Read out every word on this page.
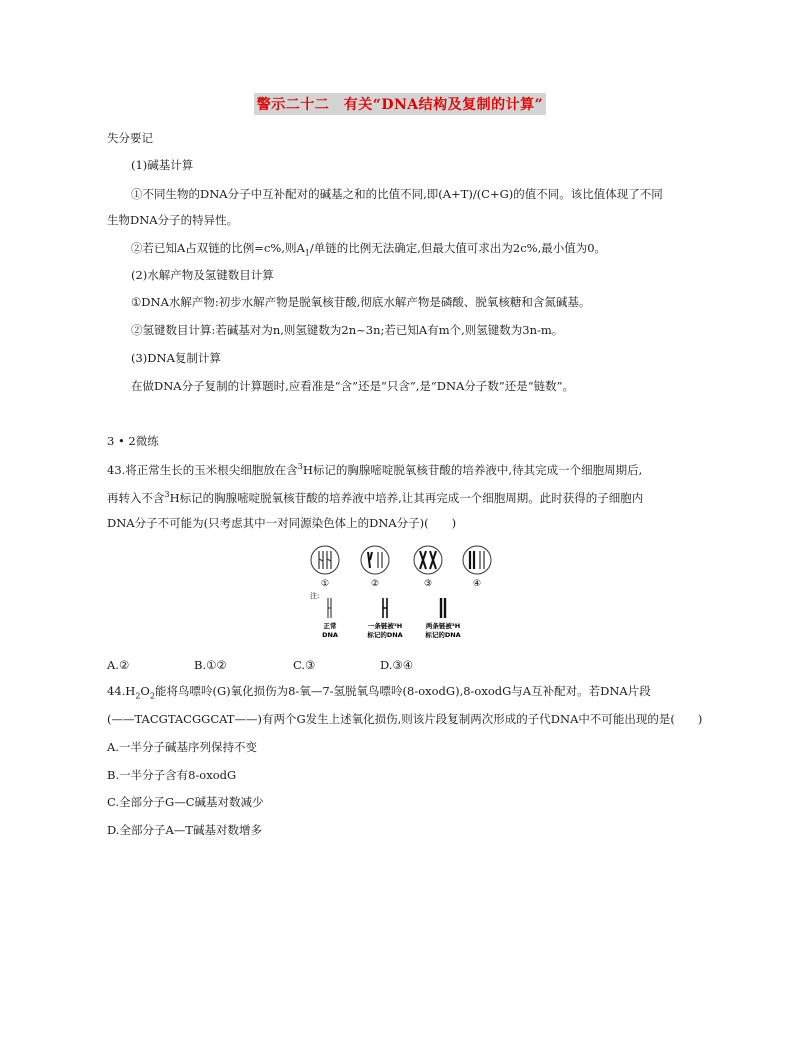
警示二十二　有关“DNA结构及复制的计算”
失分要记
(1)碱基计算
①不同生物的DNA分子中互补配对的碱基之和的比值不同,即(A+T)/(C+G)的值不同。该比值体现了不同
生物DNA分子的特异性。
②若已知A占双链的比例=c%,则$A_1/$单链的比例无法确定,但最大值可求出为2c%,最小值为0。
(2)水解产物及氢键数目计算
①DNA水解产物:初步水解产物是脱氧核苷酸,彻底水解产物是磷酸、脱氧核糖和含氮碱基。
②氢键数目计算:若碱基对为n,则氢键数为2n~3n;若已知A有m个,则氢键数为3n-m。
(3)DNA复制计算
在做DNA分子复制的计算题时,应看准是“含”还是“只含”,是“DNA分子数”还是“链数”。
3 • 2微练
43.将正常生长的玉米根尖细胞放在含$^3$H标记的胸腺嘧啶脱氧核苷酸的培养液中,待其完成一个细胞周期后,
再转入不含$^3$H标记的胸腺嘧啶脱氧核苷酸的培养液中培养,让其再完成一个细胞周期。此时获得的子细胞内
DNA分子不可能为(只考虑其中一对同源染色体上的DNA分子)(　　)
①	②	③	④
注:
正常
DNA
一条链被³H
标记的DNA
两条链被³H
标记的DNA
A.②	B.①②	C.③	D.③④
$44.H_2O_2$能将鸟嘌呤(G)氧化损伤为8-氧—7-氢脱氧鸟嘌呤(8-oxodG),8-oxodG与A互补配对。若DNA片段
(——TACGTACGGCAT——)有两个G发生上述氧化损伤,则该片段复制两次形成的子代DNA中不可能出现的是(　　)
A.一半分子碱基序列保持不变
B.一半分子含有8-oxodG
C.全部分子G—C碱基对数减少
D.全部分子A—T碱基对数增多
